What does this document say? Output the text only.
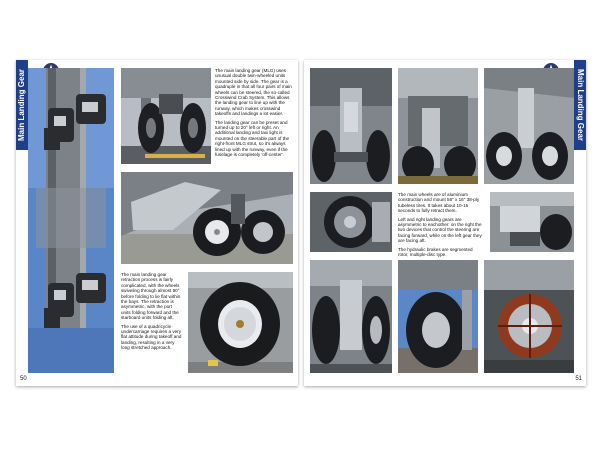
Main Landing Gear	The main landing gear (MLG) uses unusual double twin-wheeled units mounted side by side. The gear is a quadruple in that all four pairs of main wheels can be steered, the so-called Crosswind Crab System. This allows the landing gear to line up with the runway, which makes crosswind takeoffs and landings a lot easier.

The landing gear can be preset and turned up to 20° left or right. An additional landing and taxi light is mounted on the steerable part of the right-front MLG strut, so it's always lined up with the runway, even if the fuselage is completely 'off-center'.

The main landing gear retraction process is fairly complicated, with the wheels swiveling through almost 90° before folding to lie flat within the bays. The retraction is asymmetric, with the port units folding forward and the starboard units folding aft.

The use of a quadricycle undercarriage requires a very flat attitude during takeoff and landing, resulting in a very long stretched approach.

50
Main Landing Gear

The main wheels are of aluminium construction and mount 56" x 16" 38-ply tubeless tires. It takes about 10-15 seconds to fully retract them.

Left and right landing gears are asymmetric to eachother: on the right the two devices that control the steering are facing forward, while on the left gear they are facing aft.

The hydraulic brakes are segmented rotor, multiple-disc type.

51
